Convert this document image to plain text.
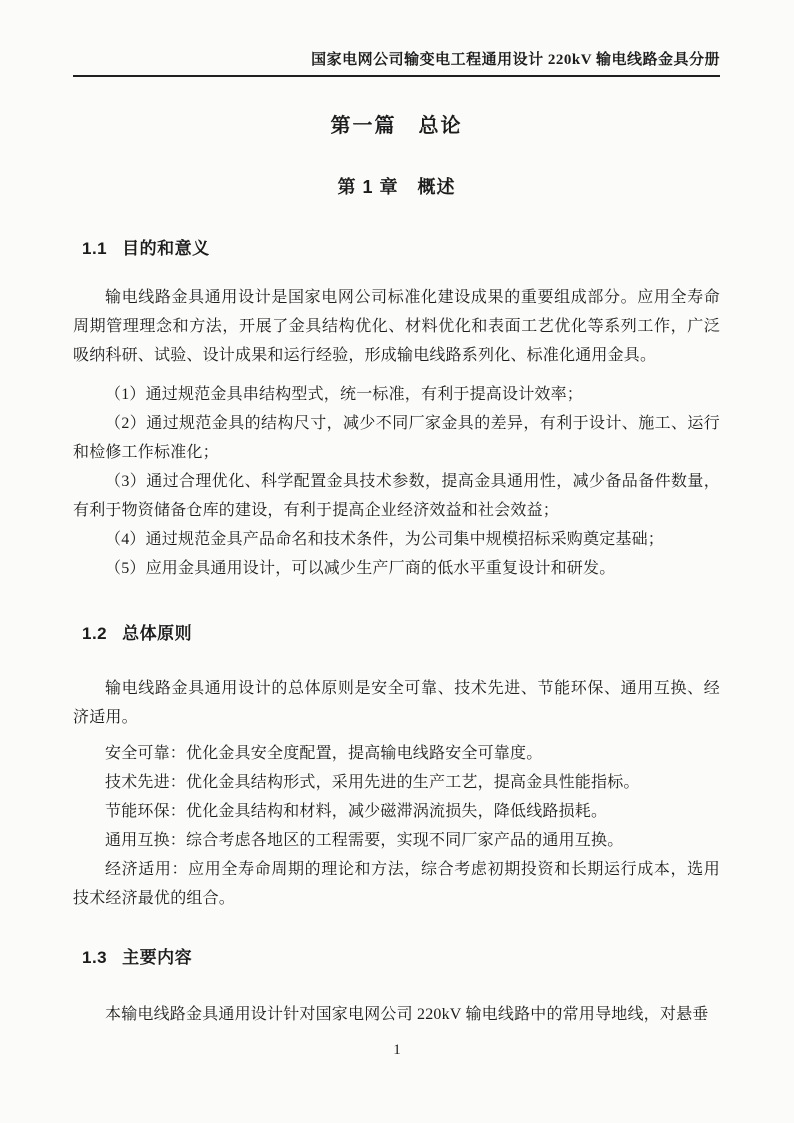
国家电网公司输变电工程通用设计 220kV 输电线路金具分册
第一篇　总论
第 1 章　概述
1.1 目的和意义

输电线路金具通用设计是国家电网公司标准化建设成果的重要组成部分。应用全寿命周期管理理念和方法，开展了金具结构优化、材料优化和表面工艺优化等系列工作，广泛吸纳科研、试验、设计成果和运行经验，形成输电线路系列化、标准化通用金具。

（1）通过规范金具串结构型式，统一标准，有利于提高设计效率；

（2）通过规范金具的结构尺寸，减少不同厂家金具的差异，有利于设计、施工、运行和检修工作标准化；

（3）通过合理优化、科学配置金具技术参数，提高金具通用性，减少备品备件数量，有利于物资储备仓库的建设，有利于提高企业经济效益和社会效益；

（4）通过规范金具产品命名和技术条件，为公司集中规模招标采购奠定基础；

（5）应用金具通用设计，可以减少生产厂商的低水平重复设计和研发。

1.2 总体原则

输电线路金具通用设计的总体原则是安全可靠、技术先进、节能环保、通用互换、经济适用。

安全可靠：优化金具安全度配置，提高输电线路安全可靠度。

技术先进：优化金具结构形式，采用先进的生产工艺，提高金具性能指标。

节能环保：优化金具结构和材料，减少磁滞涡流损失，降低线路损耗。

通用互换：综合考虑各地区的工程需要，实现不同厂家产品的通用互换。

经济适用：应用全寿命周期的理论和方法，综合考虑初期投资和长期运行成本，选用技术经济最优的组合。

1.3 主要内容

本输电线路金具通用设计针对国家电网公司 220kV 输电线路中的常用导地线，对悬垂

1
